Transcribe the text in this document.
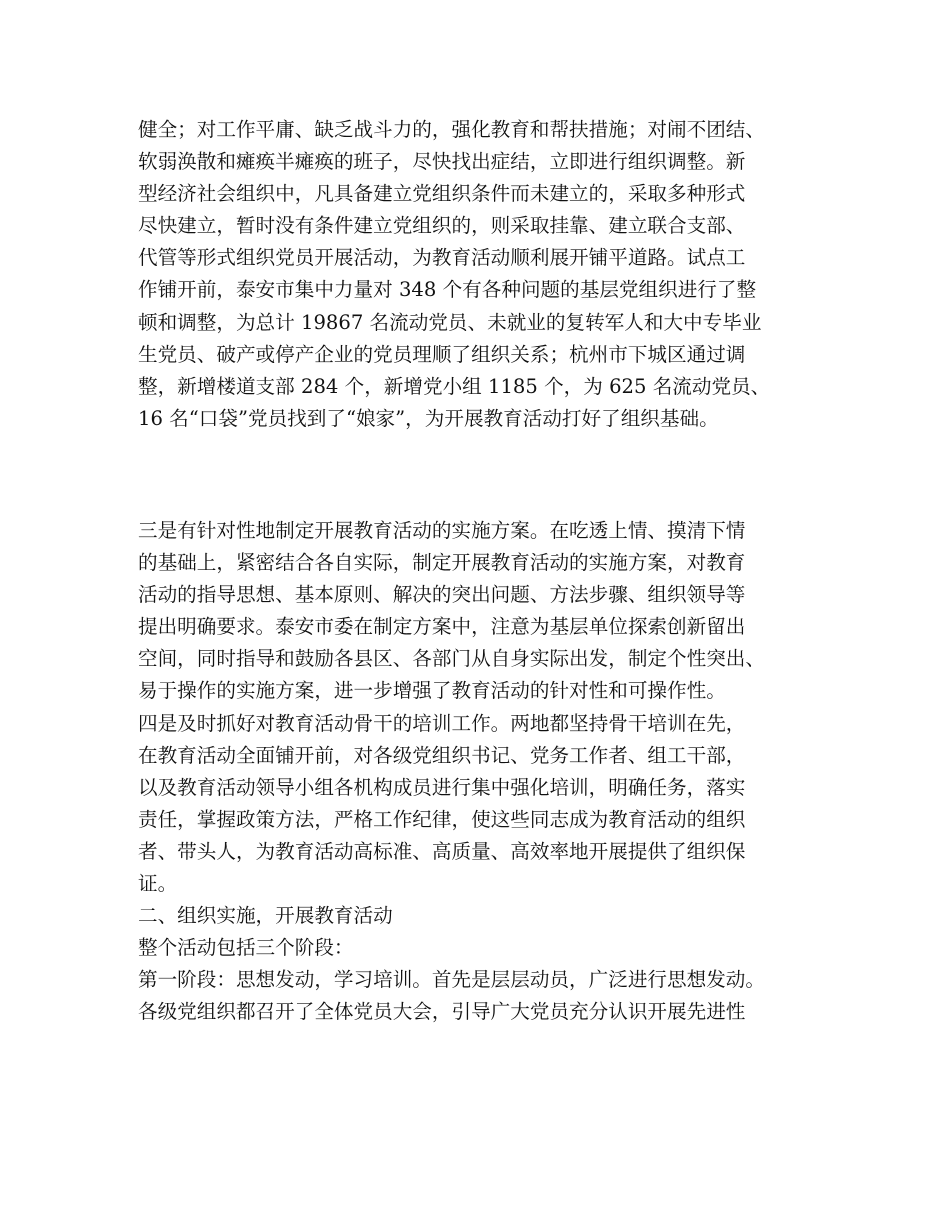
健全；对工作平庸、缺乏战斗力的，强化教育和帮扶措施；对闹不团结、
软弱涣散和瘫痪半瘫痪的班子，尽快找出症结，立即进行组织调整。新
型经济社会组织中，凡具备建立党组织条件而未建立的，采取多种形式
尽快建立，暂时没有条件建立党组织的，则采取挂靠、建立联合支部、
代管等形式组织党员开展活动，为教育活动顺利展开铺平道路。试点工
作铺开前，泰安市集中力量对 348 个有各种问题的基层党组织进行了整
顿和调整，为总计 19867 名流动党员、未就业的复转军人和大中专毕业
生党员、破产或停产企业的党员理顺了组织关系；杭州市下城区通过调
整，新增楼道支部 284 个，新增党小组 1185 个，为 625 名流动党员、
16 名“口袋”党员找到了“娘家”，为开展教育活动打好了组织基础。
三是有针对性地制定开展教育活动的实施方案。在吃透上情、摸清下情
的基础上，紧密结合各自实际，制定开展教育活动的实施方案，对教育
活动的指导思想、基本原则、解决的突出问题、方法步骤、组织领导等
提出明确要求。泰安市委在制定方案中，注意为基层单位探索创新留出
空间，同时指导和鼓励各县区、各部门从自身实际出发，制定个性突出、
易于操作的实施方案，进一步增强了教育活动的针对性和可操作性。
四是及时抓好对教育活动骨干的培训工作。两地都坚持骨干培训在先，
在教育活动全面铺开前，对各级党组织书记、党务工作者、组工干部，
以及教育活动领导小组各机构成员进行集中强化培训，明确任务，落实
责任，掌握政策方法，严格工作纪律，使这些同志成为教育活动的组织
者、带头人，为教育活动高标准、高质量、高效率地开展提供了组织保
证。
二、组织实施，开展教育活动
整个活动包括三个阶段：
第一阶段：思想发动，学习培训。首先是层层动员，广泛进行思想发动。
各级党组织都召开了全体党员大会，引导广大党员充分认识开展先进性
